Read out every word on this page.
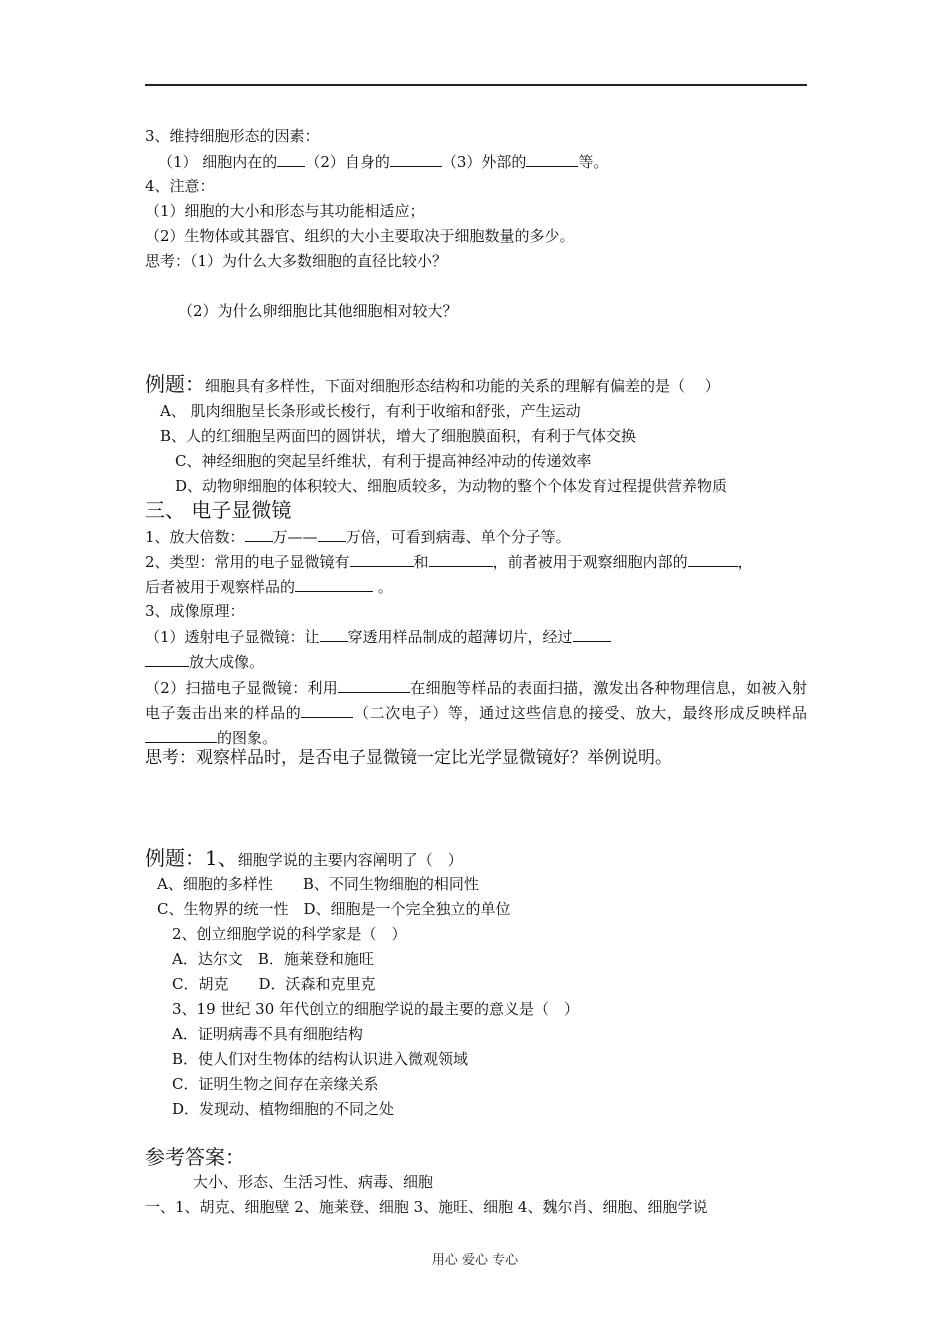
3、维持细胞形态的因素：
（1） 细胞内在的 （2）自身的	（3）外部的	等。
4、注意：
（1）细胞的大小和形态与其功能相适应；
（2）生物体或其器官、组织的大小主要取决于细胞数量的多少。
思考：（1）为什么大多数细胞的直径比较小？
（2）为什么卵细胞比其他细胞相对较大？
例题：细胞具有多样性，下面对细胞形态结构和功能的关系的理解有偏差的是（　 ）
A、 肌肉细胞呈长条形或长梭行，有利于收缩和舒张，产生运动
B、人的红细胞呈两面凹的圆饼状，增大了细胞膜面积，有利于气体交换
C、神经细胞的突起呈纤维状，有利于提高神经冲动的传递效率
D、动物卵细胞的体积较大、细胞质较多，为动物的整个个体发育过程提供营养物质
三、 电子显微镜
1、放大倍数： 万—— 万倍，可看到病毒、单个分子等。
2、类型：常用的电子显微镜有	和	，前者被用于观察细胞内部的	，
后者被用于观察样品的	。
3、成像原理：
（1）透射电子显微镜：让 穿透用样品制成的超薄切片，经过
放大成像。
（2）扫描电子显微镜：利用	在细胞等样品的表面扫描，激发出各种物理信息，如被入射电子轰击出来的样品的	（二次电子）等，通过这些信息的接受、放大，最终形成反映样品的图象。
思考：观察样品时，是否电子显微镜一定比光学显微镜好？举例说明。
例题：1、细胞学说的主要内容阐明了（　）
A、细胞的多样性　　B、不同生物细胞的相同性
C、生物界的统一性　D、细胞是一个完全独立的单位
2、创立细胞学说的科学家是（　）
A．达尔文　B．施莱登和施旺
C．胡克　　D．沃森和克里克
3、19 世纪 30 年代创立的细胞学说的最主要的意义是（　）
A．证明病毒不具有细胞结构
B．使人们对生物体的结构认识进入微观领域
C．证明生物之间存在亲缘关系
D．发现动、植物细胞的不同之处
参考答案：
大小、形态、生活习性、病毒、细胞
一、1、胡克、细胞壁 2、施莱登、细胞 3、施旺、细胞 4、魏尔肖、细胞、细胞学说
用心 爱心 专心
